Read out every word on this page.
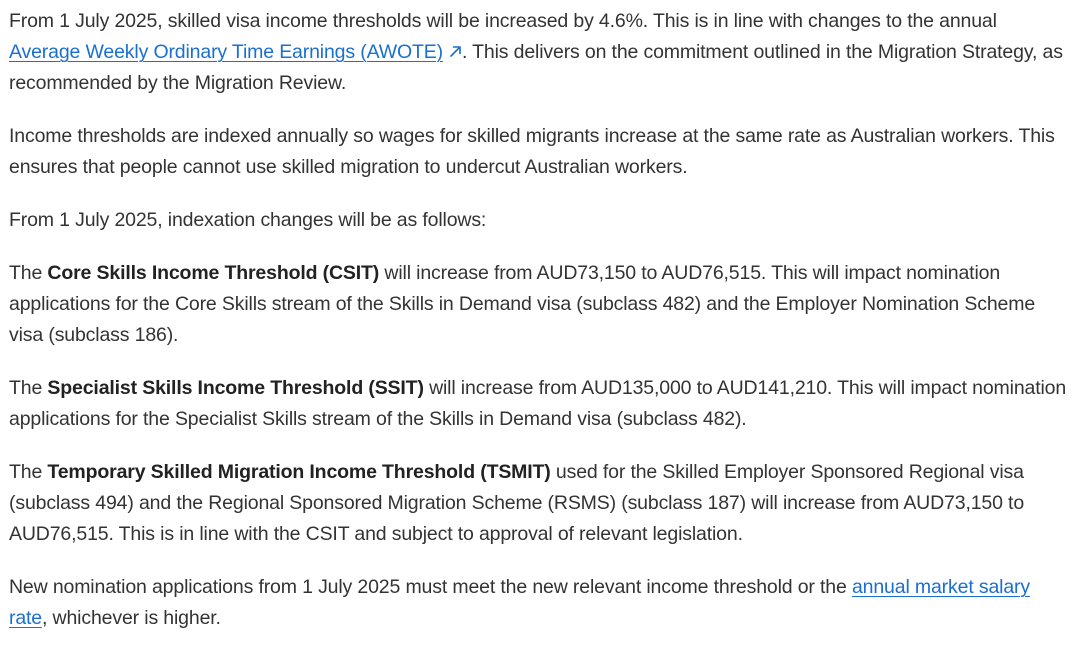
From 1 July 2025, skilled visa income thresholds will be increased by 4.6%. This is in line with changes to the annual Average Weekly Ordinary Time Earnings (AWOTE) . This delivers on the commitment outlined in the Migration Strategy, as recommended by the Migration Review.

Income thresholds are indexed annually so wages for skilled migrants increase at the same rate as Australian workers. This ensures that people cannot use skilled migration to undercut Australian workers.

From 1 July 2025, indexation changes will be as follows:

The Core Skills Income Threshold (CSIT) will increase from AUD73,150 to AUD76,515. This will impact nomination applications for the Core Skills stream of the Skills in Demand visa (subclass 482) and the Employer Nomination Scheme visa (subclass 186).

The Specialist Skills Income Threshold (SSIT) will increase from AUD135,000 to AUD141,210. This will impact nomination applications for the Specialist Skills stream of the Skills in Demand visa (subclass 482).

The Temporary Skilled Migration Income Threshold (TSMIT) used for the Skilled Employer Sponsored Regional visa (subclass 494) and the Regional Sponsored Migration Scheme (RSMS) (subclass 187) will increase from AUD73,150 to AUD76,515. This is in line with the CSIT and subject to approval of relevant legislation.

New nomination applications from 1 July 2025 must meet the new relevant income threshold or the annual market salary rate, whichever is higher.
